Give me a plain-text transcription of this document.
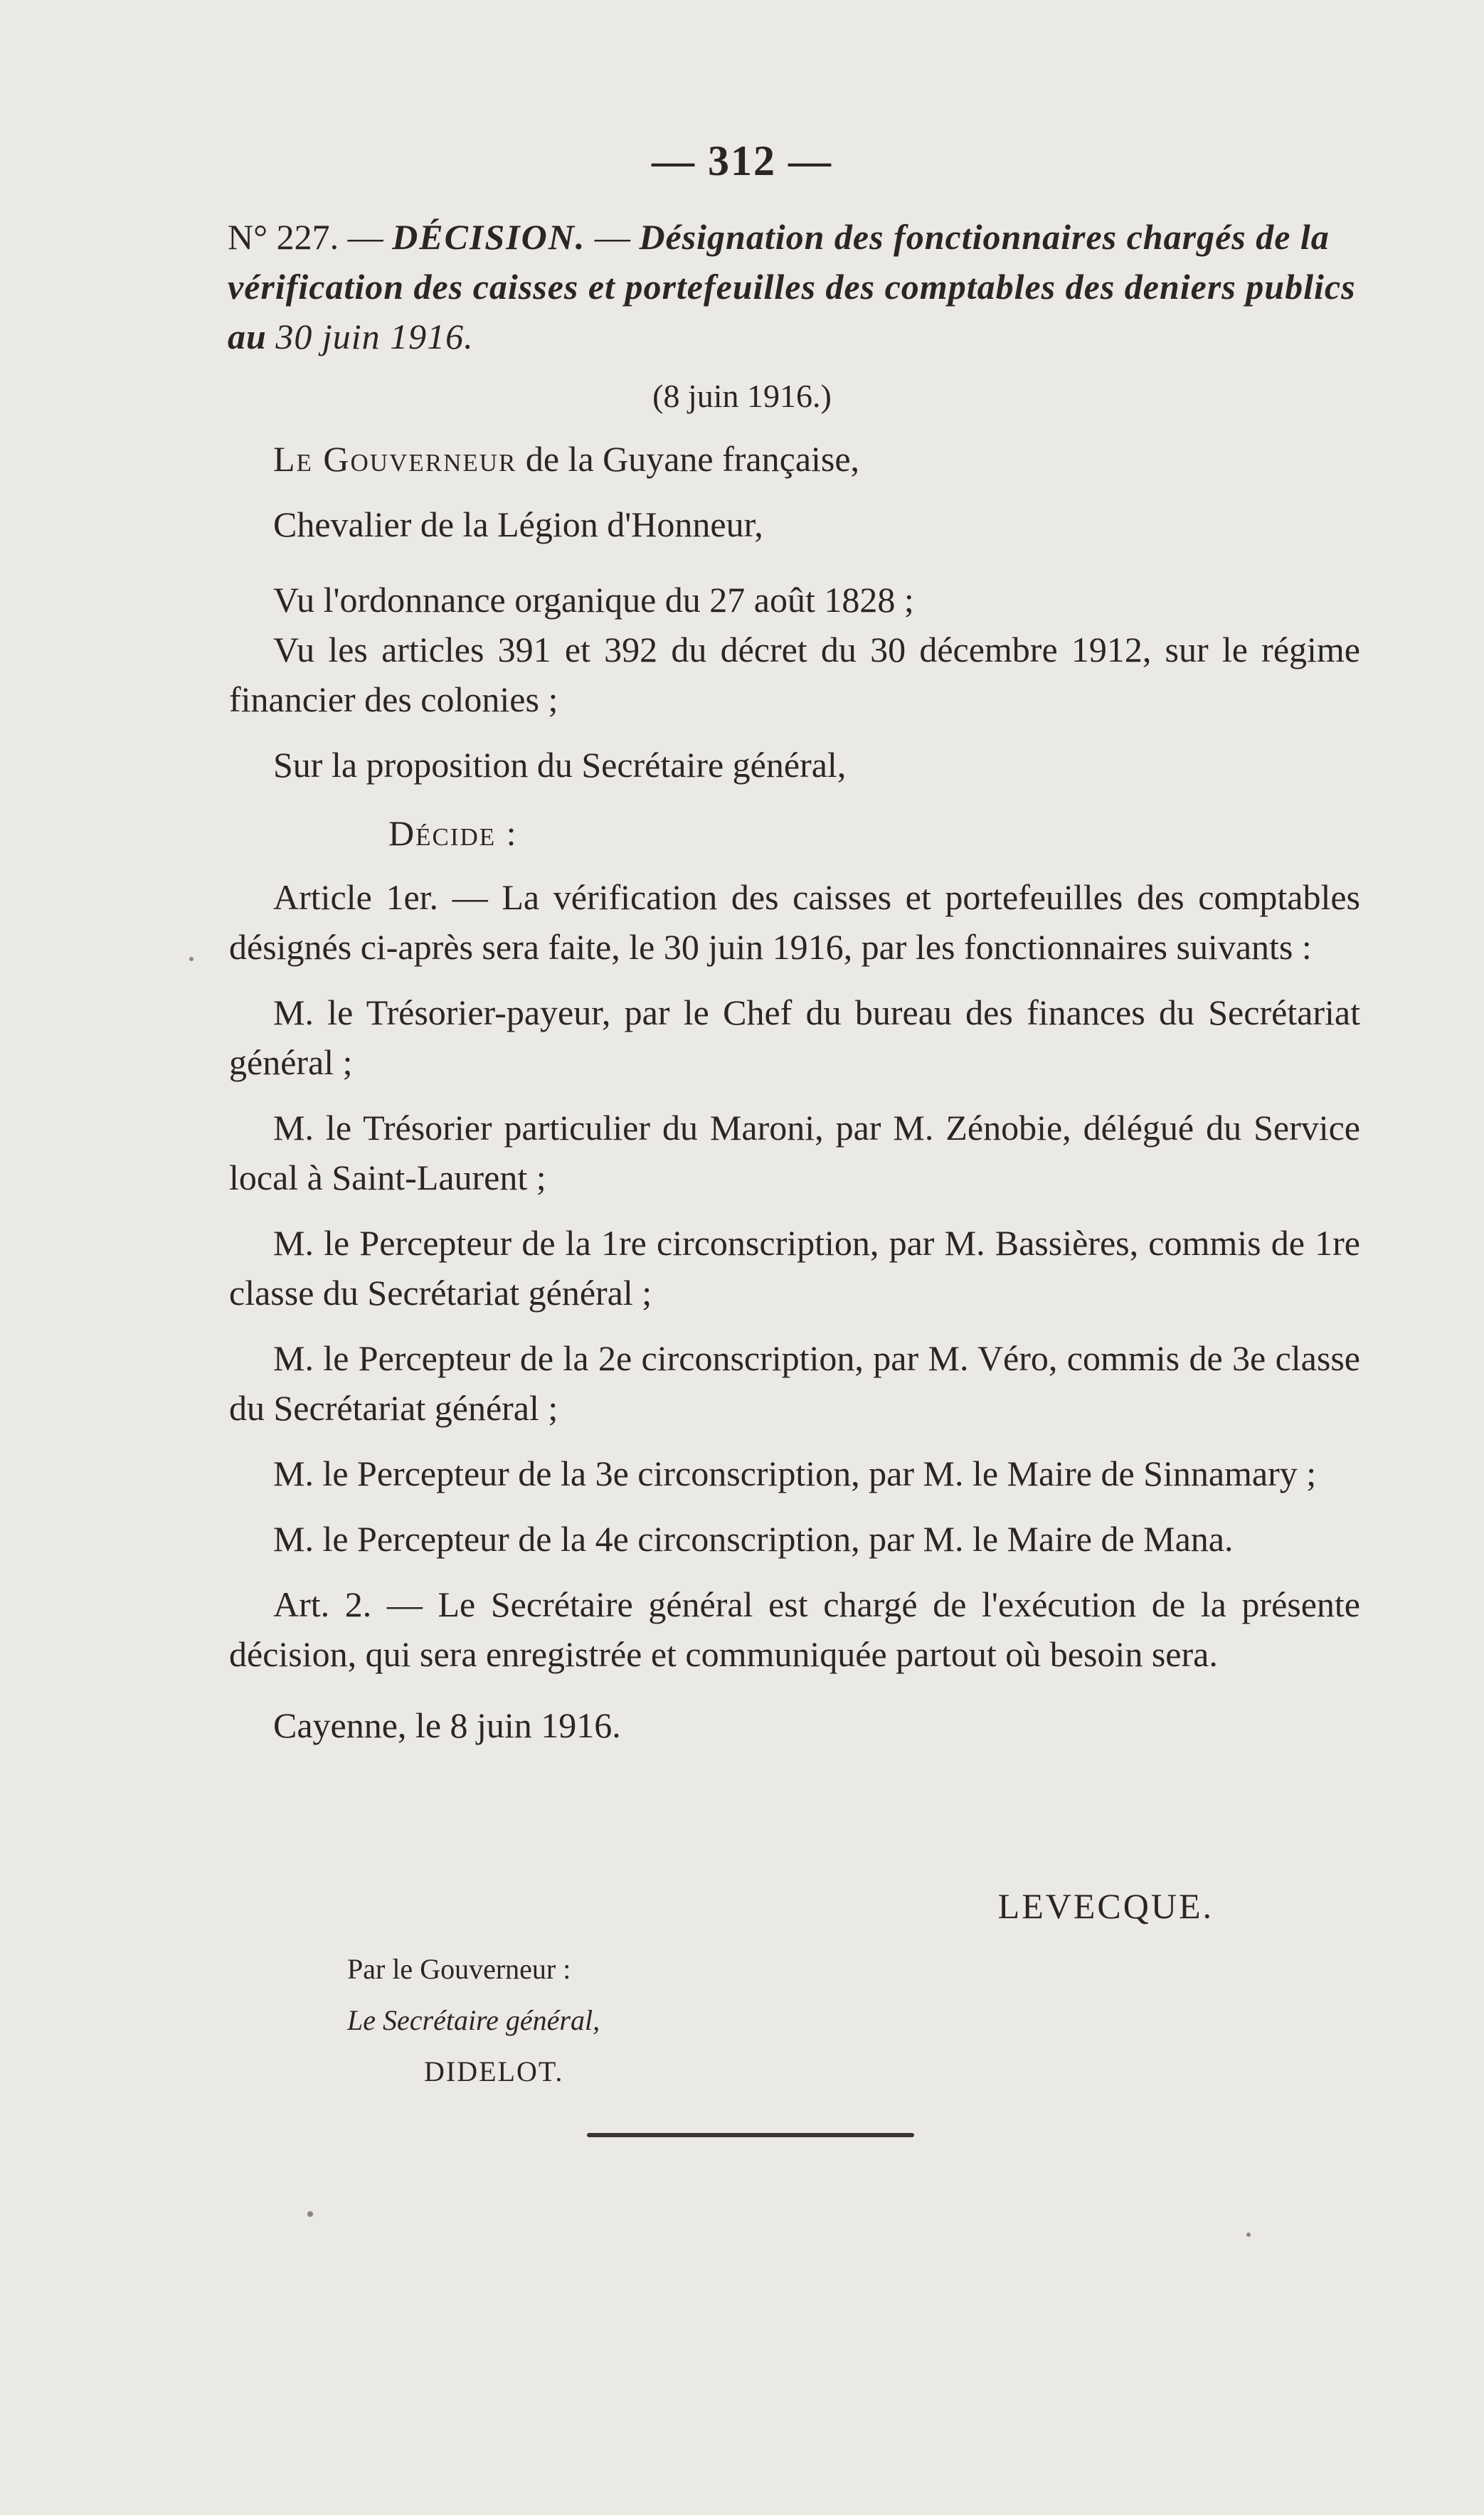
— 312 —
N° 227. — DÉCISION. — Désignation des fonctionnaires chargés de la vérification des caisses et portefeuilles des comptables des deniers publics au 30 juin 1916.
(8 juin 1916.)

Le Gouverneur de la Guyane française,

Chevalier de la Légion d'Honneur,

Vu l'ordonnance organique du 27 août 1828 ;

Vu les articles 391 et 392 du décret du 30 décembre 1912, sur le régime financier des colonies ;

Sur la proposition du Secrétaire général,

Décide :

Article 1er. — La vérification des caisses et portefeuilles des comptables désignés ci-après sera faite, le 30 juin 1916, par les fonctionnaires suivants :

M. le Trésorier-payeur, par le Chef du bureau des finances du Secrétariat général ;

M. le Trésorier particulier du Maroni, par M. Zénobie, délégué du Service local à Saint-Laurent ;

M. le Percepteur de la 1re circonscription, par M. Bassières, commis de 1re classe du Secrétariat général ;

M. le Percepteur de la 2e circonscription, par M. Véro, commis de 3e classe du Secrétariat général ;

M. le Percepteur de la 3e circonscription, par M. le Maire de Sinnamary ;

M. le Percepteur de la 4e circonscription, par M. le Maire de Mana.

Art. 2. — Le Secrétaire général est chargé de l'exécution de la présente décision, qui sera enregistrée et communiquée partout où besoin sera.

Cayenne, le 8 juin 1916.

LEVECQUE.
Par le Gouverneur :
Le Secrétaire général,
DIDELOT.
